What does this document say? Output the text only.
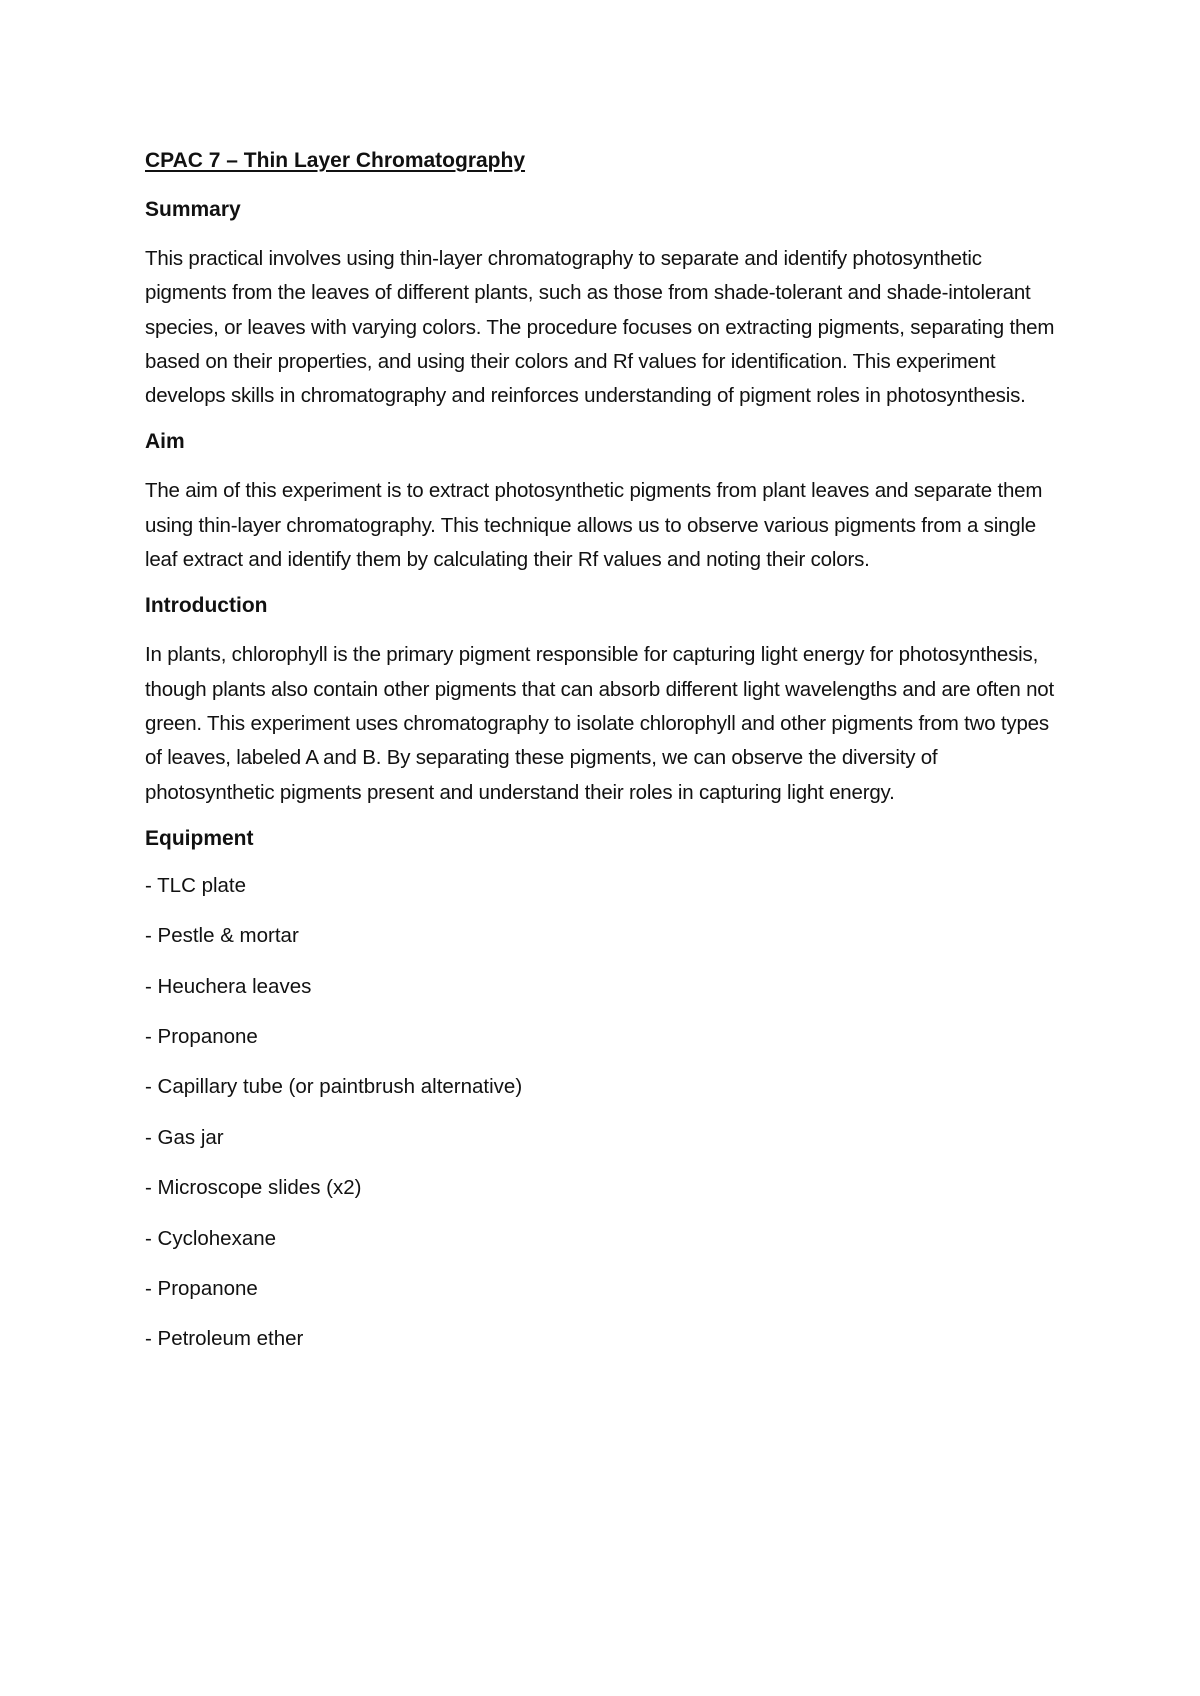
CPAC 7 – Thin Layer Chromatography
Summary

This practical involves using thin-layer chromatography to separate and identify photosynthetic pigments from the leaves of different plants, such as those from shade-tolerant and shade-intolerant species, or leaves with varying colors. The procedure focuses on extracting pigments, separating them based on their properties, and using their colors and Rf values for identification. This experiment develops skills in chromatography and reinforces understanding of pigment roles in photosynthesis.

Aim

The aim of this experiment is to extract photosynthetic pigments from plant leaves and separate them using thin-layer chromatography. This technique allows us to observe various pigments from a single leaf extract and identify them by calculating their Rf values and noting their colors.

Introduction

In plants, chlorophyll is the primary pigment responsible for capturing light energy for photosynthesis, though plants also contain other pigments that can absorb different light wavelengths and are often not green. This experiment uses chromatography to isolate chlorophyll and other pigments from two types of leaves, labeled A and B. By separating these pigments, we can observe the diversity of photosynthetic pigments present and understand their roles in capturing light energy.

Equipment
- TLC plate
- Pestle & mortar
- Heuchera leaves
- Propanone
- Capillary tube (or paintbrush alternative)
- Gas jar
- Microscope slides (x2)
- Cyclohexane
- Propanone
- Petroleum ether
